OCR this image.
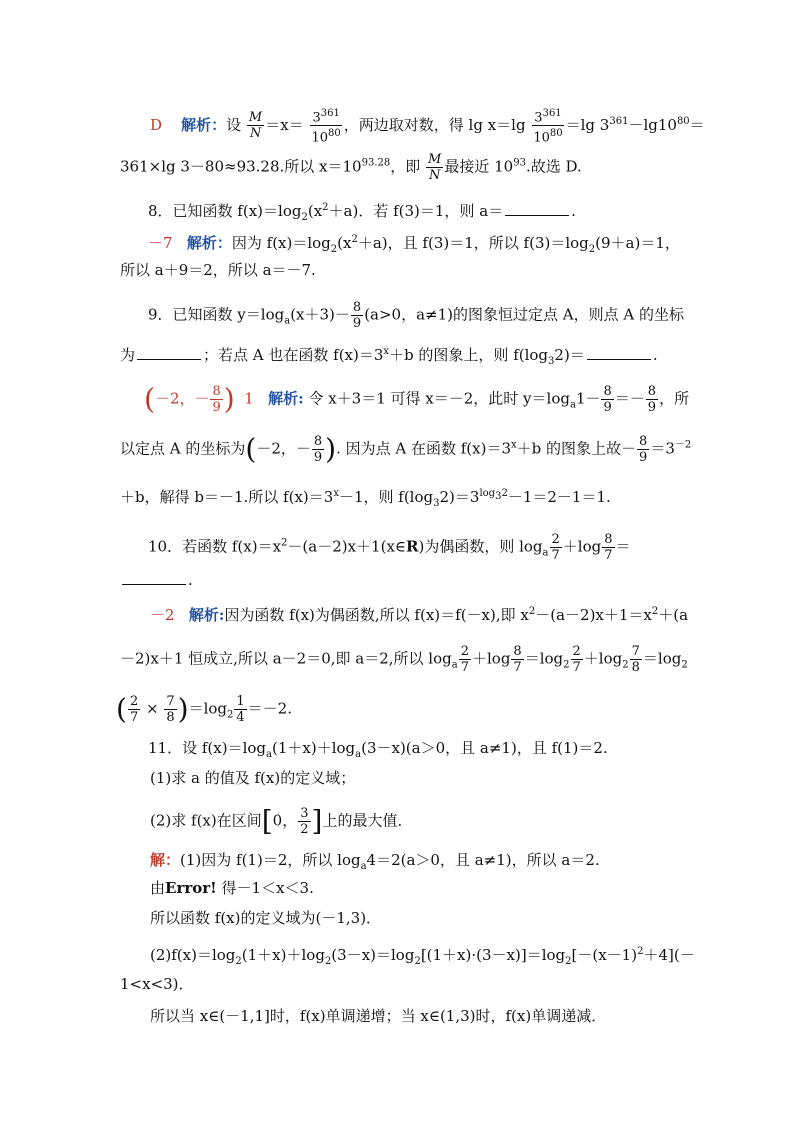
D 解析：设 $\frac{M}{N} =x= \frac{3^{361}}{10^{80}}$ ，两边取对数，得 $\lg x=\lg \frac{3^{361}}{10^{80}} =\lg$ $3^{361}-\lg 10^{80}=$
361×lg 3－80≈93.28.所以 $x=10^{93.28}$，即 $\frac{M}{N}$ 最接近 $10^{93}$.故选 D.
8．已知函数 $f(x)=\log_2(x^2+a)$．若 f(3)＝1，则 a＝	.
－7 解析：因为 $f(x)=\log_2(x^2+a)$，且 f(3)＝1，所以 $f(3)=\log_2(9+a)=1$，
所以 a＋9＝2，所以 a＝－7.
9．已知函数 $y=\log_a(x+3)- \frac{8}{9} (a>0$，a≠1)的图象恒过定点 A，则点 A 的坐标
为	；若点 A 也在函数 $f(x)=3^x+b$ 的图象上，则 $f(\log_32)=$	.
(－2，－ $\frac{8}{9}$ ) 1 解析: 令 x＋3＝1 可得 x＝－2，此时 $y=\log_a1- \frac{8}{9} =- \frac{8}{9}$ ，所
以定点 A 的坐标为(－2，－ $\frac{8}{9}$ ). 因为点 A 在函数 $f(x)=3^x+b$ 的图象上故－ $\frac{8}{9} =3^{-2}$
＋b，解得 b＝－1.所以 $f(x)=3^x-1$，则 $f(\log_32)=3^{log_32}-1=2-1=1$.
10．若函数 $f(x)=x^2-(a-2)x+1(x\in R)$为偶函数，则 $\log_a \frac{2}{7} +\log \frac{8}{7}$ ＝
.
－2 解析:因为函数 f(x)为偶函数,所以 f(x)＝f(－x),即 $x^2-(a-2)x+1=x^2+(a$
－2)x＋1 恒成立,所以 a－2＝0,即 a＝2,所以 $\log_a \frac{2}{7} +\log \frac{8}{7} =\log_2 \frac{2}{7} +\log_2 \frac{7}{8} =\log_2$
( $\frac{2}{7} \times \frac{7}{8} )=\log_2 \frac{1}{4} =-2$.
11．设 $f(x)=\log_a(1+x)+\log_a(3-x)(a>0$，且 a≠1)，且 f(1)＝2.
(1)求 a 的值及 f(x)的定义域；
(2)求 f(x)在区间[0， $\frac{3}{2}$ ]上的最大值．
解：(1)因为 f(1)＝2，所以 $\log_a4=2(a>0$，且 a≠1)，所以 a＝2.
由Error! 得－1＜x＜3.
所以函数 f(x)的定义域为(－1,3)．
$(2)f(x)=\log_2(1+x)+\log_2(3-x)=\log_2[(1+x)\cdot(3-x)]=\log_2[-(x-1)^2+4](-$
1<x<3)．
所以当 x∈(－1,1]时，f(x)单调递增；当 x∈(1,3)时，f(x)单调递减．
